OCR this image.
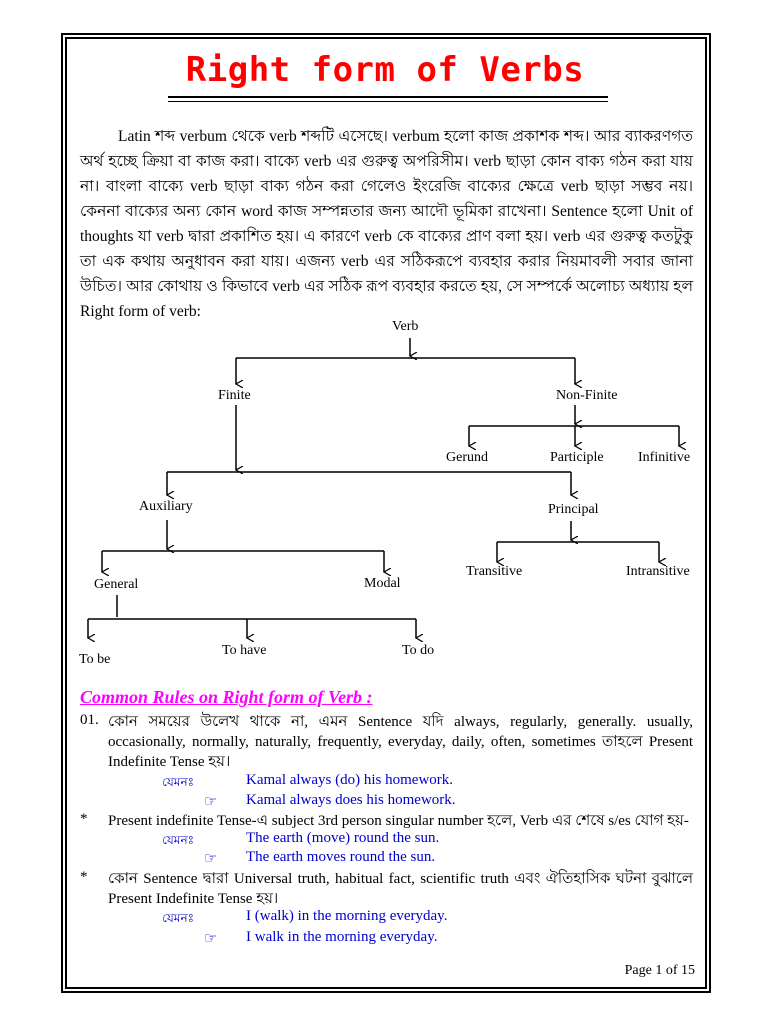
Right form of Verbs
Latin শব্দ verbum থেকে verb শব্দটি এসেছে। verbum হলো কাজ প্রকাশক শব্দ। আর ব্যাকরণগত অর্থ হচ্ছে ক্রিয়া বা কাজ করা। বাক্যে verb এর গুরুত্ব অপরিসীম। verb ছাড়া কোন বাক্য গঠন করা যায় না। বাংলা বাক্যে verb ছাড়া বাক্য গঠন করা গেলেও ইংরেজি বাক্যের ক্ষেত্রে verb ছাড়া সম্ভব নয়। কেননা বাক্যের অন্য কোন word কাজ সম্পন্নতার জন্য আদৌ ভূমিকা রাখেনা। Sentence হলো Unit of thoughts যা verb দ্বারা প্রকাশিত হয়। এ কারণে verb কে বাক্যের প্রাণ বলা হয়। verb এর গুরুত্ব কতটুকু তা এক কথায় অনুধাবন করা যায়। এজন্য verb এর সঠিকরূপে ব্যবহার করার নিয়মাবলী সবার জানা উচিত। আর কোথায় ও কিভাবে verb এর সঠিক রূপ ব্যবহার করতে হয়, সে সম্পর্কে অলোচ্য অধ্যায় হল Right form of verb:
Verb
Finite	Non-Finite
Gerund	Participle Infinitive
Auxiliary	Principal
Transitive	Intransitive
General	Modal
To be
To have	To do
Common Rules on Right form of Verb :
01. কোন সময়ের উলেখ থাকে না, এমন Sentence যদি always, regularly, generally. usually, occasionally, normally, naturally, frequently, everyday, daily, often, sometimes তাহলে Present Indefinite Tense হয়।
যেমনঃ	Kamal always (do) his homework.
☞ Kamal always does his homework.
* Present indefinite Tense-এ subject 3rd person singular number হলে, Verb এর শেষে s/es যোগ হয়-
যেমনঃ	The earth (move) round the sun.
☞ The earth moves round the sun.
* কোন Sentence দ্বারা Universal truth, habitual fact, scientific truth এবং ঐতিহাসিক ঘটনা বুঝালে Present Indefinite Tense হয়।
যেমনঃ	I (walk) in the morning everyday.
☞ I walk in the morning everyday.
Page 1 of 15
